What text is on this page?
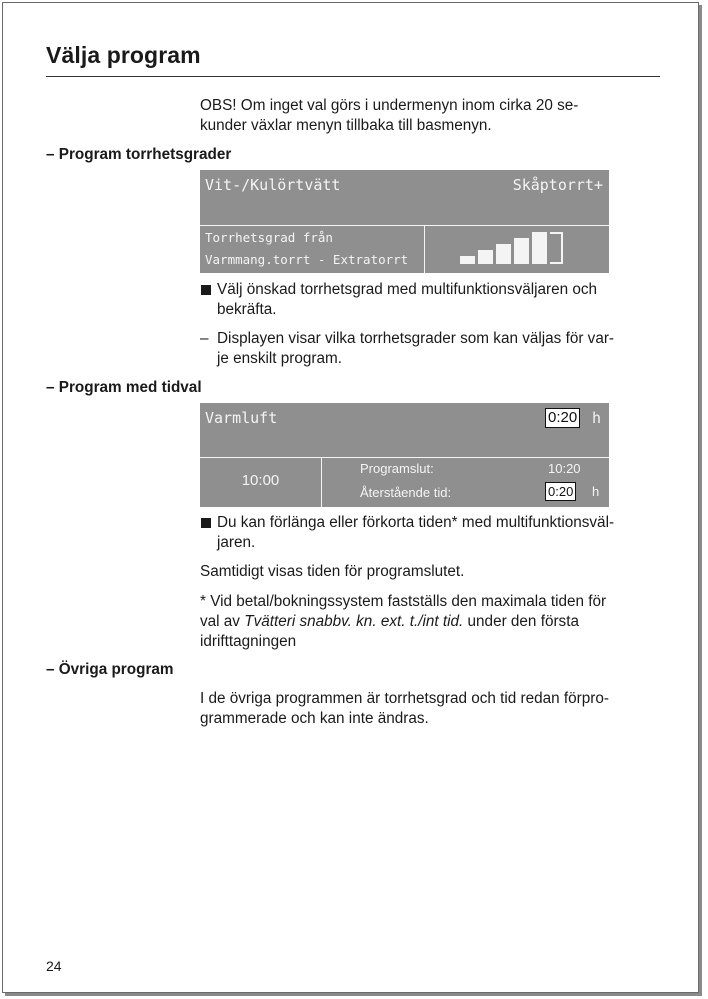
Välja program
OBS! Om inget val görs i undermenyn inom cirka 20 se-
kunder växlar menyn tillbaka till basmenyn.
– Program torrhetsgrader
Vit-/Kulörtvätt	Skåptorrt+
Torrhetsgrad från
Varmmang.torrt - Extratorrt
Välj önskad torrhetsgrad med multifunktionsväljaren och
bekräfta.
– Displayen visar vilka torrhetsgrader som kan väljas för var-
je enskilt program.
– Program med tidval
Varmluft	0:20 h
10:00
Programslut:	10:20
Återstående tid:	0:20 h
Du kan förlänga eller förkorta tiden* med multifunktionsväl-
jaren.
Samtidigt visas tiden för programslutet.
* Vid betal/bokningssystem fastställs den maximala tiden för
val av Tvätteri snabbv. kn. ext. t./int tid. under den första
idrifttagningen
– Övriga program
I de övriga programmen är torrhetsgrad och tid redan förpro-
grammerade och kan inte ändras.
24
